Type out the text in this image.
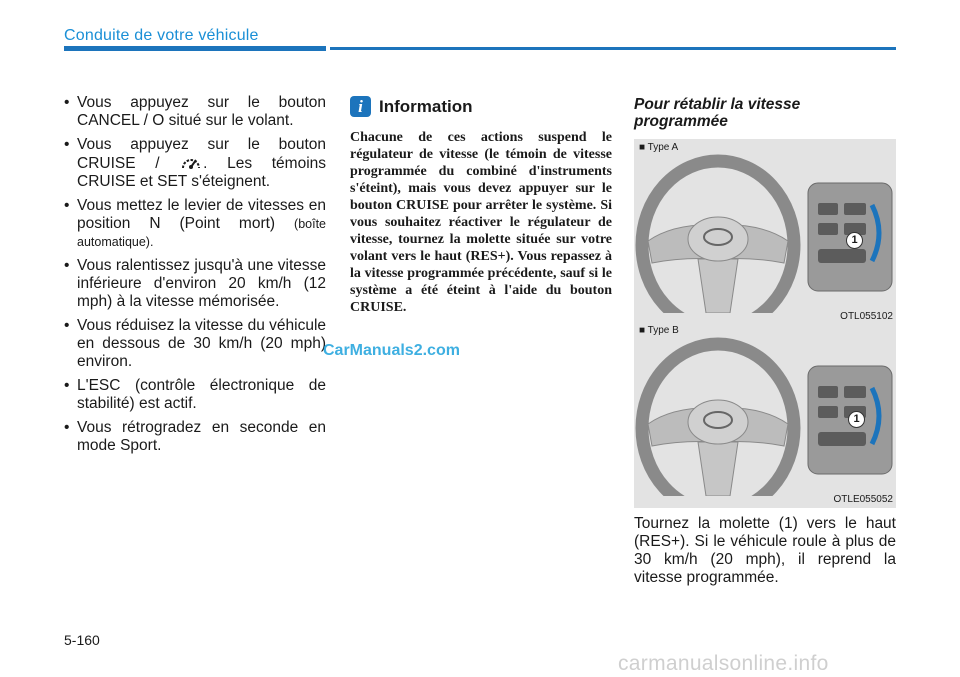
Conduite de votre véhicule
• Vous appuyez sur le bouton CANCEL / O situé sur le volant.
• Vous appuyez sur le bouton CRUISE / . Les témoins CRUISE et SET s'éteignent.
• Vous mettez le levier de vitesses en position N (Point mort) (boîte automatique).
• Vous ralentissez jusqu'à une vitesse inférieure d'environ 20 km/h (12 mph) à la vitesse mémorisée.
• Vous réduisez la vitesse du véhicule en dessous de 30 km/h (20 mph) environ.
• L'ESC (contrôle électronique de stabilité) est actif.
• Vous rétrogradez en seconde en mode Sport.
i Information
Chacune de ces actions suspend le régulateur de vitesse (le témoin de vitesse programmée du combiné d'instruments s'éteint), mais vous devez appuyer sur le bouton CRUISE pour arrêter le système. Si vous souhaitez réactiver le régulateur de vitesse, tournez la molette située sur votre volant vers le haut (RES+). Vous repassez à la vitesse programmée précédente, sauf si le système a été éteint à l'aide du bouton CRUISE.
Pour rétablir la vitesse programmée
■ Type A
1
OTL055102
■ Type B
1
OTLE055052
Tournez la molette (1) vers le haut (RES+). Si le véhicule roule à plus de 30 km/h (20 mph), il reprend la vitesse programmée.
CarManuals2.com
5-160
carmanualsonline.info
